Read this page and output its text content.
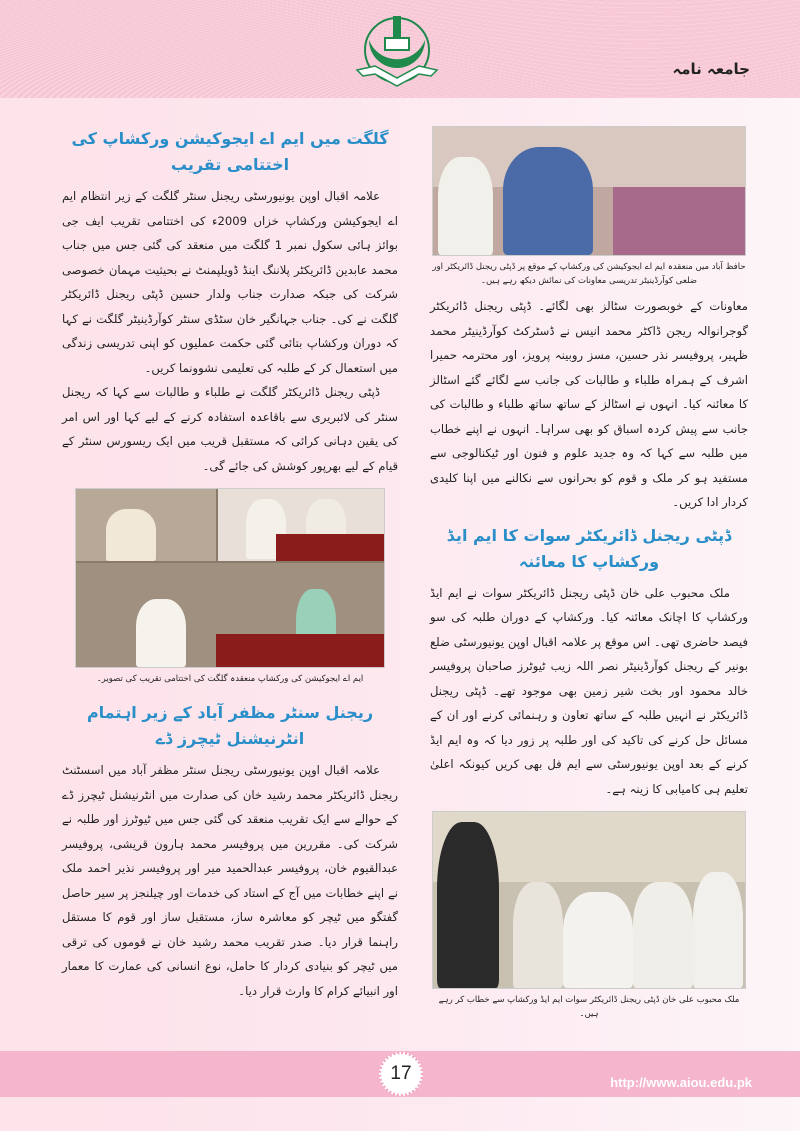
جامعہ نامہ
گلگت میں ایم اے ایجوکیشن ورکشاپ کی اختتامی تقریب

علامہ اقبال اوپن یونیورسٹی ریجنل سنٹر گلگت کے زیر انتظام ایم اے ایجوکیشن ورکشاپ خزاں 2009ء کی اختتامی تقریب ایف جی بوائز ہائی سکول نمبر 1 گلگت میں منعقد کی گئی جس میں جناب محمد عابدین ڈائریکٹر پلاننگ اینڈ ڈویلپمنٹ نے بحیثیت مہمان خصوصی شرکت کی جبکہ صدارت جناب ولدار حسین ڈپٹی ریجنل ڈائریکٹر گلگت نے کی۔ جناب جہانگیر خان سٹڈی سنٹر کوآرڈینیٹر گلگت نے کہا کہ دوران ورکشاپ بتائی گئی حکمت عملیوں کو اپنی تدریسی زندگی میں استعمال کر کے طلبہ کی تعلیمی نشوونما کریں۔

ڈپٹی ریجنل ڈائریکٹر گلگت نے طلباء و طالبات سے کہا کہ ریجنل سنٹر کی لائبریری سے باقاعدہ استفادہ کرنے کے لیے کہا اور اس امر کی یقین دہانی کرائی کہ مستقبل قریب میں ایک ریسورس سنٹر کے قیام کے لیے بھرپور کوشش کی جائے گی۔

ایم اے ایجوکیشن کی ورکشاپ منعقدہ گلگت کی اختتامی تقریب کی تصویر۔
ریجنل سنٹر مظفر آباد کے زیر اہتمام انٹرنیشنل ٹیچرز ڈے

علامہ اقبال اوپن یونیورسٹی ریجنل سنٹر مظفر آباد میں اسسٹنٹ ریجنل ڈائریکٹر محمد رشید خان کی صدارت میں انٹرنیشنل ٹیچرز ڈے کے حوالے سے ایک تقریب منعقد کی گئی جس میں ٹیوٹرز اور طلبہ نے شرکت کی۔ مقررین میں پروفیسر محمد ہارون قریشی، پروفیسر عبدالقیوم خان، پروفیسر عبدالحمید میر اور پروفیسر نذیر احمد ملک نے اپنے خطابات میں آج کے استاد کی خدمات اور چیلنجز پر سیر حاصل گفتگو میں ٹیچر کو معاشرہ ساز، مستقبل ساز اور قوم کا مستقل راہنما قرار دیا۔ صدر تقریب محمد رشید خان نے قوموں کی ترقی میں ٹیچر کو بنیادی کردار کا حامل، نوع انسانی کی عمارت کا معمار اور انبیائے کرام کا وارث قرار دیا۔

حافظ آباد میں منعقدہ ایم اے ایجوکیشن کی ورکشاپ کے موقع پر ڈپٹی ریجنل ڈائریکٹر اور ضلعی کوآرڈینیٹر تدریسی معاونات کی نمائش دیکھ رہے ہیں۔

معاونات کے خوبصورت سٹالز بھی لگائے۔ ڈپٹی ریجنل ڈائریکٹر گوجرانوالہ ریجن ڈاکٹر محمد انیس نے ڈسٹرکٹ کوآرڈینیٹر محمد ظہیر، پروفیسر نذر حسین، مسز روبینہ پرویز، اور محترمہ حمیرا اشرف کے ہمراہ طلباء و طالبات کی جانب سے لگائے گئے اسٹالز کا معائنہ کیا۔ انہوں نے اسٹالز کے ساتھ ساتھ طلباء و طالبات کی جانب سے پیش کردہ اسباق کو بھی سراہا۔ انہوں نے اپنے خطاب میں طلبہ سے کہا کہ وہ جدید علوم و فنون اور ٹیکنالوجی سے مستفید ہو کر ملک و قوم کو بحرانوں سے نکالنے میں اپنا کلیدی کردار ادا کریں۔

ڈپٹی ریجنل ڈائریکٹر سوات کا ایم ایڈ ورکشاپ کا معائنہ

ملک محبوب علی خان ڈپٹی ریجنل ڈائریکٹر سوات نے ایم ایڈ ورکشاپ کا اچانک معائنہ کیا۔ ورکشاپ کے دوران طلبہ کی سو فیصد حاضری تھی۔ اس موقع پر علامہ اقبال اوپن یونیورسٹی ضلع بونیر کے ریجنل کوآرڈینیٹر نصر اللہ زیب ٹیوٹرز صاحبان پروفیسر خالد محمود اور بخت شیر زمین بھی موجود تھے۔ ڈپٹی ریجنل ڈائریکٹر نے انہیں طلبہ کے ساتھ تعاون و رہنمائی کرنے اور ان کے مسائل حل کرنے کی تاکید کی اور طلبہ پر زور دیا کہ وہ ایم ایڈ کرنے کے بعد اوپن یونیورسٹی سے ایم فل بھی کریں کیونکہ اعلیٰ تعلیم ہی کامیابی کا زینہ ہے۔

ملک محبوب علی خان ڈپٹی ریجنل ڈائریکٹر سوات ایم ایڈ ورکشاپ سے خطاب کر رہے ہیں۔
17	http://www.aiou.edu.pk
